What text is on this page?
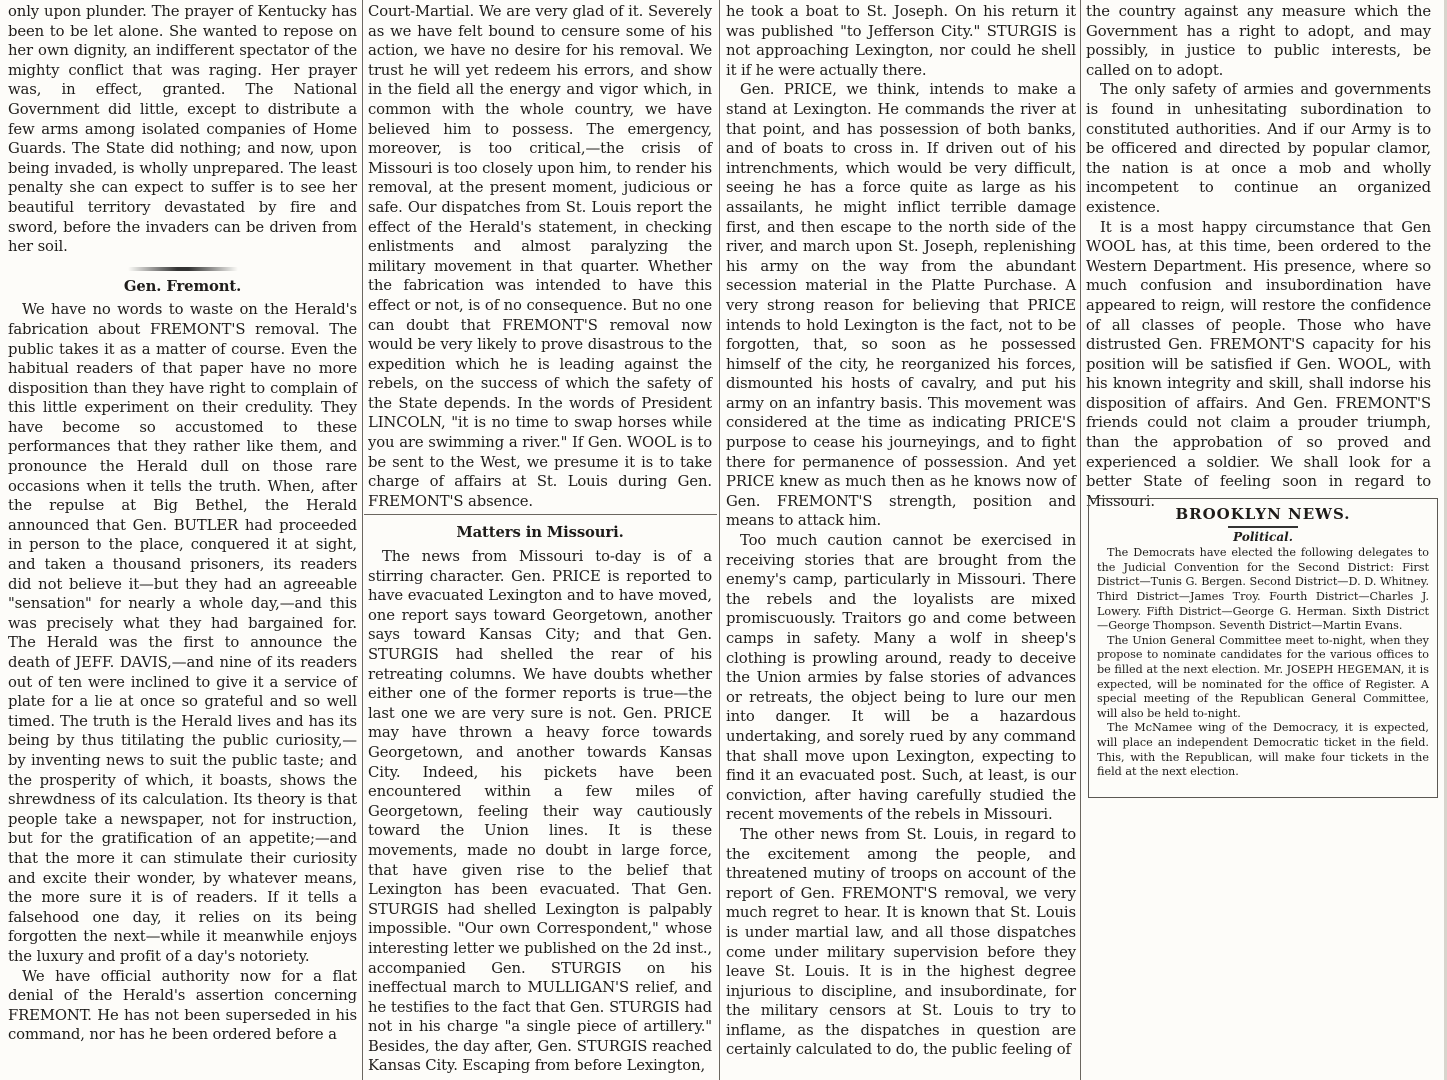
only upon plunder. The prayer of Kentucky has been to be let alone. She wanted to repose on her own dignity, an indifferent spectator of the mighty conflict that was raging. Her prayer was, in effect, granted. The National Government did little, except to distribute a few arms among isolated companies of Home Guards. The State did nothing; and now, upon being invaded, is wholly unprepared. The least penalty she can expect to suffer is to see her beautiful territory devastated by fire and sword, before the invaders can be driven from her soil.

Gen. Fremont.

We have no words to waste on the Herald's fabrication about FREMONT'S removal. The public takes it as a matter of course. Even the habitual readers of that paper have no more disposition than they have right to complain of this little experiment on their credulity. They have become so accustomed to these performances that they rather like them, and pronounce the Herald dull on those rare occasions when it tells the truth. When, after the repulse at Big Bethel, the Herald announced that Gen. BUTLER had proceeded in person to the place, conquered it at sight, and taken a thousand prisoners, its readers did not believe it—but they had an agreeable "sensation" for nearly a whole day,—and this was precisely what they had bargained for. The Herald was the first to announce the death of JEFF. DAVIS,—and nine of its readers out of ten were inclined to give it a service of plate for a lie at once so grateful and so well timed. The truth is the Herald lives and has its being by thus titilating the public curiosity,—by inventing news to suit the public taste; and the prosperity of which, it boasts, shows the shrewdness of its calculation. Its theory is that people take a newspaper, not for instruction, but for the gratification of an appetite;—and that the more it can stimulate their curiosity and excite their wonder, by whatever means, the more sure it is of readers. If it tells a falsehood one day, it relies on its being forgotten the next—while it meanwhile enjoys the luxury and profit of a day's notoriety.

We have official authority now for a flat denial of the Herald's assertion concerning FREMONT. He has not been superseded in his command, nor has he been ordered before a

Court-Martial. We are very glad of it. Severely as we have felt bound to censure some of his action, we have no desire for his removal. We trust he will yet redeem his errors, and show in the field all the energy and vigor which, in common with the whole country, we have believed him to possess. The emergency, moreover, is too critical,—the crisis of Missouri is too closely upon him, to render his removal, at the present moment, judicious or safe. Our dispatches from St. Louis report the effect of the Herald's statement, in checking enlistments and almost paralyzing the military movement in that quarter. Whether the fabrication was intended to have this effect or not, is of no consequence. But no one can doubt that FREMONT'S removal now would be very likely to prove disastrous to the expedition which he is leading against the rebels, on the success of which the safety of the State depends. In the words of President LINCOLN, "it is no time to swap horses while you are swimming a river." If Gen. WOOL is to be sent to the West, we presume it is to take charge of affairs at St. Louis during Gen. FREMONT'S absence.

Matters in Missouri.

The news from Missouri to-day is of a stirring character. Gen. PRICE is reported to have evacuated Lexington and to have moved, one report says toward Georgetown, another says toward Kansas City; and that Gen. STURGIS had shelled the rear of his retreating columns. We have doubts whether either one of the former reports is true—the last one we are very sure is not. Gen. PRICE may have thrown a heavy force towards Georgetown, and another towards Kansas City. Indeed, his pickets have been encountered within a few miles of Georgetown, feeling their way cautiously toward the Union lines. It is these movements, made no doubt in large force, that have given rise to the belief that Lexington has been evacuated. That Gen. STURGIS had shelled Lexington is palpably impossible. "Our own Correspondent," whose interesting letter we published on the 2d inst., accompanied Gen. STURGIS on his ineffectual march to MULLIGAN'S relief, and he testifies to the fact that Gen. STURGIS had not in his charge "a single piece of artillery." Besides, the day after, Gen. STURGIS reached Kansas City. Escaping from before Lexington,

he took a boat to St. Joseph. On his return it was published "to Jefferson City." STURGIS is not approaching Lexington, nor could he shell it if he were actually there.

Gen. PRICE, we think, intends to make a stand at Lexington. He commands the river at that point, and has possession of both banks, and of boats to cross in. If driven out of his intrenchments, which would be very difficult, seeing he has a force quite as large as his assailants, he might inflict terrible damage first, and then escape to the north side of the river, and march upon St. Joseph, replenishing his army on the way from the abundant secession material in the Platte Purchase. A very strong reason for believing that PRICE intends to hold Lexington is the fact, not to be forgotten, that, so soon as he possessed himself of the city, he reorganized his forces, dismounted his hosts of cavalry, and put his army on an infantry basis. This movement was considered at the time as indicating PRICE'S purpose to cease his journeyings, and to fight there for permanence of possession. And yet PRICE knew as much then as he knows now of Gen. FREMONT'S strength, position and means to attack him.

Too much caution cannot be exercised in receiving stories that are brought from the enemy's camp, particularly in Missouri. There the rebels and the loyalists are mixed promiscuously. Traitors go and come between camps in safety. Many a wolf in sheep's clothing is prowling around, ready to deceive the Union armies by false stories of advances or retreats, the object being to lure our men into danger. It will be a hazardous undertaking, and sorely rued by any command that shall move upon Lexington, expecting to find it an evacuated post. Such, at least, is our conviction, after having carefully studied the recent movements of the rebels in Missouri.

The other news from St. Louis, in regard to the excitement among the people, and threatened mutiny of troops on account of the report of Gen. FREMONT'S removal, we very much regret to hear. It is known that St. Louis is under martial law, and all those dispatches come under military supervision before they leave St. Louis. It is in the highest degree injurious to discipline, and insubordinate, for the military censors at St. Louis to try to inflame, as the dispatches in question are certainly calculated to do, the public feeling of

the country against any measure which the Government has a right to adopt, and may possibly, in justice to public interests, be called on to adopt.

The only safety of armies and governments is found in unhesitating subordination to constituted authorities. And if our Army is to be officered and directed by popular clamor, the nation is at once a mob and wholly incompetent to continue an organized existence.

It is a most happy circumstance that Gen WOOL has, at this time, been ordered to the Western Department. His presence, where so much confusion and insubordination have appeared to reign, will restore the confidence of all classes of people. Those who have distrusted Gen. FREMONT'S capacity for his position will be satisfied if Gen. WOOL, with his known integrity and skill, shall indorse his disposition of affairs. And Gen. FREMONT'S friends could not claim a prouder triumph, than the approbation of so proved and experienced a soldier. We shall look for a better State of feeling soon in regard to Missouri.

BROOKLYN NEWS.
Political.

The Democrats have elected the following delegates to the Judicial Convention for the Second District: First District—Tunis G. Bergen. Second District—D. D. Whitney. Third District—James Troy. Fourth District—Charles J. Lowery. Fifth District—George G. Herman. Sixth District—George Thompson. Seventh District—Martin Evans.

The Union General Committee meet to-night, when they propose to nominate candidates for the various offices to be filled at the next election. Mr. JOSEPH HEGEMAN, it is expected, will be nominated for the office of Register. A special meeting of the Republican General Committee, will also be held to-night.

The McNamee wing of the Democracy, it is expected, will place an independent Democratic ticket in the field. This, with the Republican, will make four tickets in the field at the next election.
